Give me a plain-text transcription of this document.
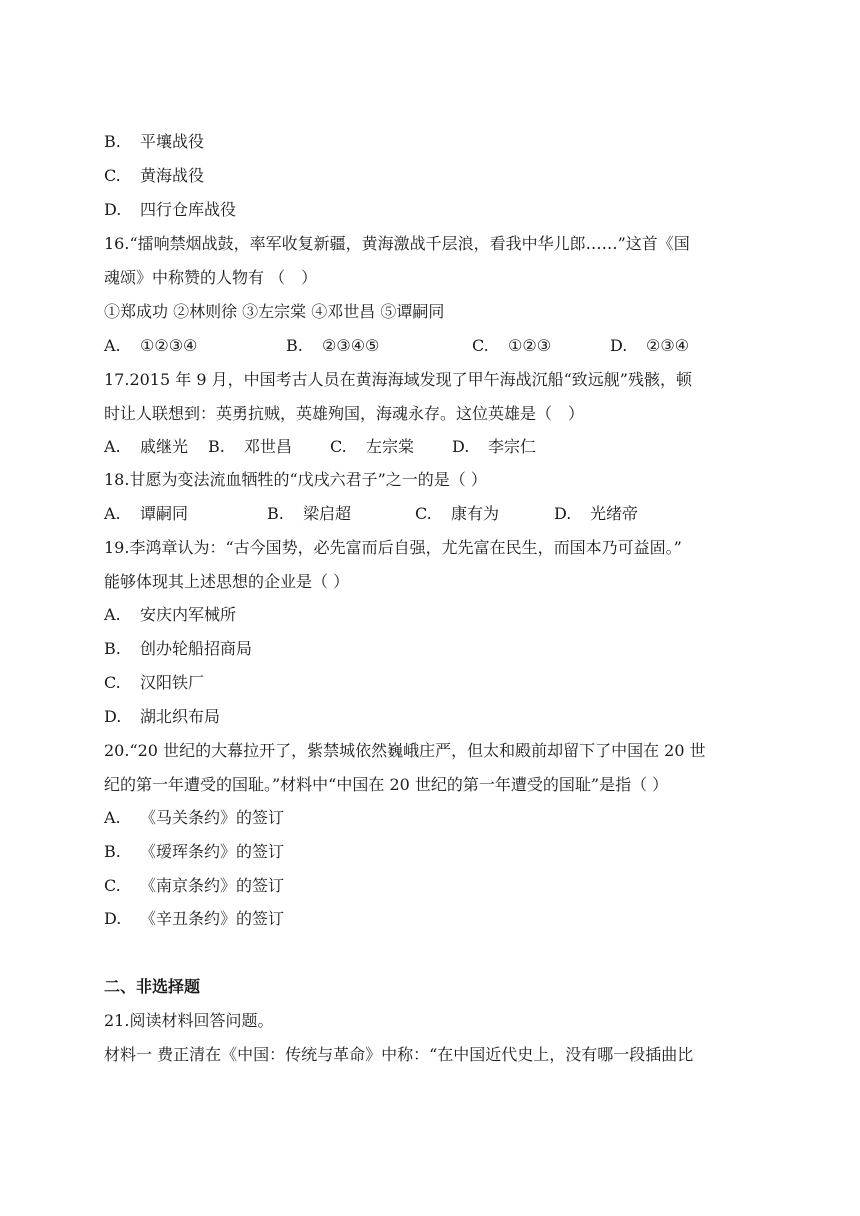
B. 平壤战役
C. 黄海战役
D. 四行仓库战役
16.“擂响禁烟战鼓，率军收复新疆，黄海激战千层浪，看我中华儿郎……”这首《国
魂颂》中称赞的人物有 （　）
①郑成功 ②林则徐 ③左宗棠 ④邓世昌 ⑤谭嗣同
A. ①②③④	B. ②③④⑤	C. ①②③	D. ②③④
17.2015 年 9 月，中国考古人员在黄海海域发现了甲午海战沉船“致远舰”残骸，顿
时让人联想到：英勇抗贼，英雄殉国，海魂永存。这位英雄是（　）
A. 戚继光 B. 邓世昌 C. 左宗棠 D. 李宗仁
18.甘愿为变法流血牺牲的“戊戌六君子”之一的是（ ）
A. 谭嗣同	B. 梁启超	C. 康有为	D. 光绪帝
19.李鸿章认为：“古今国势，必先富而后自强，尤先富在民生，而国本乃可益固。”
能够体现其上述思想的企业是（ ）
A. 安庆内军械所
B. 创办轮船招商局
C. 汉阳铁厂
D. 湖北织布局
20.“20 世纪的大幕拉开了，紫禁城依然巍峨庄严，但太和殿前却留下了中国在 20 世
纪的第一年遭受的国耻。”材料中“中国在 20 世纪的第一年遭受的国耻”是指（ ）
A. 《马关条约》的签订
B. 《瑷珲条约》的签订
C. 《南京条约》的签订
D. 《辛丑条约》的签订
二、非选择题
21.阅读材料回答问题。
材料一 费正清在《中国：传统与革命》中称：“在中国近代史上，没有哪一段插曲比
